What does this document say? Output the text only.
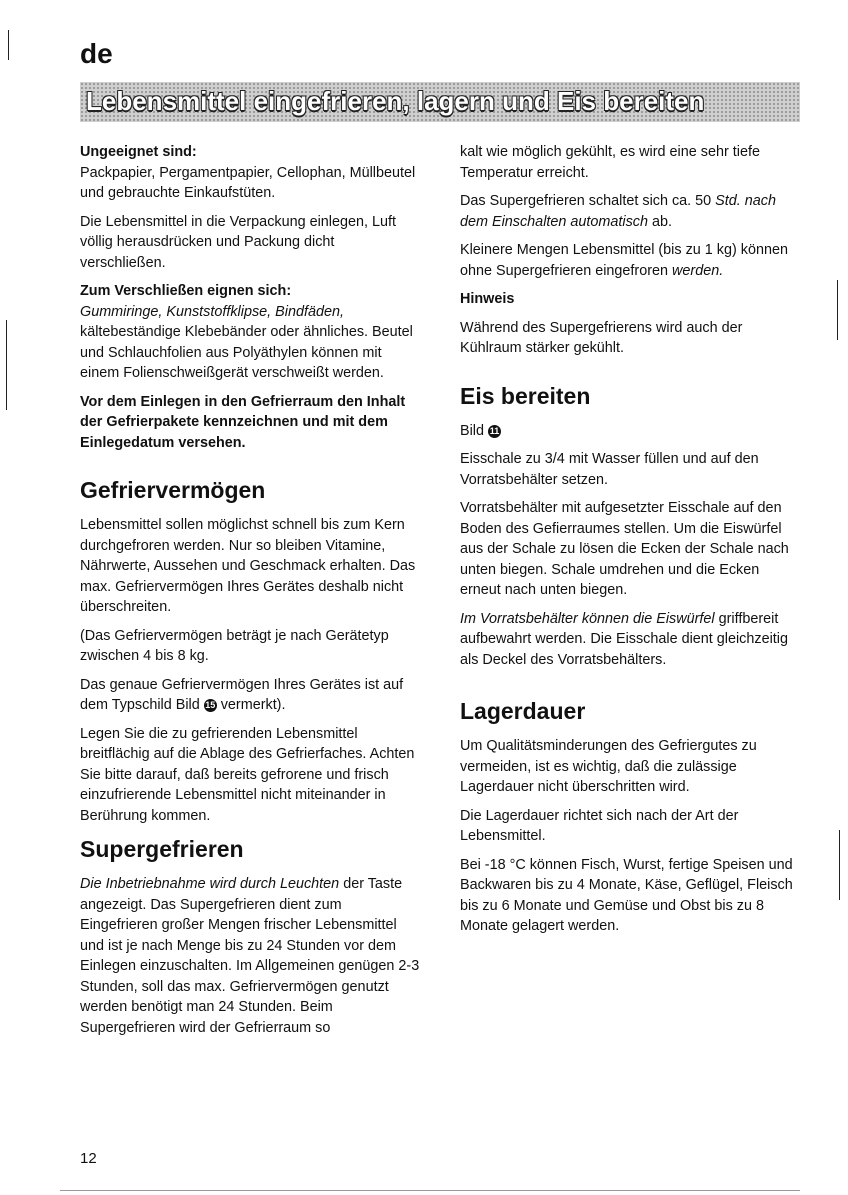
de
Lebensmittel eingefrieren, lagern und Eis bereiten

Ungeeignet sind:
Packpapier, Pergamentpapier, Cellophan, Müllbeutel und gebrauchte Einkaufstüten.

Die Lebensmittel in die Verpackung einlegen, Luft völlig herausdrücken und Packung dicht verschließen.

Zum Verschließen eignen sich:
Gummiringe, Kunststoffklipse, Bindfäden, kältebeständige Klebebänder oder ähnliches. Beutel und Schlauchfolien aus Polyäthylen können mit einem Folienschweißgerät verschweißt werden.

Vor dem Einlegen in den Gefrierraum den Inhalt der Gefrierpakete kennzeichnen und mit dem Einlegedatum versehen.

Gefriervermögen

Lebensmittel sollen möglichst schnell bis zum Kern durchgefroren werden. Nur so bleiben Vitamine, Nährwerte, Aussehen und Geschmack erhalten. Das max. Gefriervermögen Ihres Gerätes deshalb nicht überschreiten.

(Das Gefriervermögen beträgt je nach Gerätetyp zwischen 4 bis 8 kg.

Das genaue Gefriervermögen Ihres Gerätes ist auf dem Typschild Bild 15 vermerkt).

Legen Sie die zu gefrierenden Lebensmittel breitflächig auf die Ablage des Gefrierfaches. Achten Sie bitte darauf, daß bereits gefrorene und frisch einzufrierende Lebensmittel nicht miteinander in Berührung kommen.

Supergefrieren

Die Inbetriebnahme wird durch Leuchten der Taste angezeigt. Das Supergefrieren dient zum Eingefrieren großer Mengen frischer Lebensmittel und ist je nach Menge bis zu 24 Stunden vor dem Einlegen einzuschalten. Im Allgemeinen genügen 2-3 Stunden, soll das max. Gefriervermögen genutzt werden benötigt man 24 Stunden. Beim Supergefrieren wird der Gefrierraum so

kalt wie möglich gekühlt, es wird eine sehr tiefe Temperatur erreicht.

Das Supergefrieren schaltet sich ca. 50 Std. nach dem Einschalten automatisch ab.

Kleinere Mengen Lebensmittel (bis zu 1 kg) können ohne Supergefrieren eingefroren werden.

Hinweis

Während des Supergefrierens wird auch der Kühlraum stärker gekühlt.

Eis bereiten

Bild 11

Eisschale zu 3/4 mit Wasser füllen und auf den Vorratsbehälter setzen.

Vorratsbehälter mit aufgesetzter Eisschale auf den Boden des Gefierraumes stellen. Um die Eiswürfel aus der Schale zu lösen die Ecken der Schale nach unten biegen. Schale umdrehen und die Ecken erneut nach unten biegen.

Im Vorratsbehälter können die Eiswürfel griffbereit aufbewahrt werden. Die Eisschale dient gleichzeitig als Deckel des Vorratsbehälters.

Lagerdauer

Um Qualitätsminderungen des Gefriergutes zu vermeiden, ist es wichtig, daß die zulässige Lagerdauer nicht überschritten wird.

Die Lagerdauer richtet sich nach der Art der Lebensmittel.

Bei -18 °C können Fisch, Wurst, fertige Speisen und Backwaren bis zu 4 Monate, Käse, Geflügel, Fleisch bis zu 6 Monate und Gemüse und Obst bis zu 8 Monate gelagert werden.

12
